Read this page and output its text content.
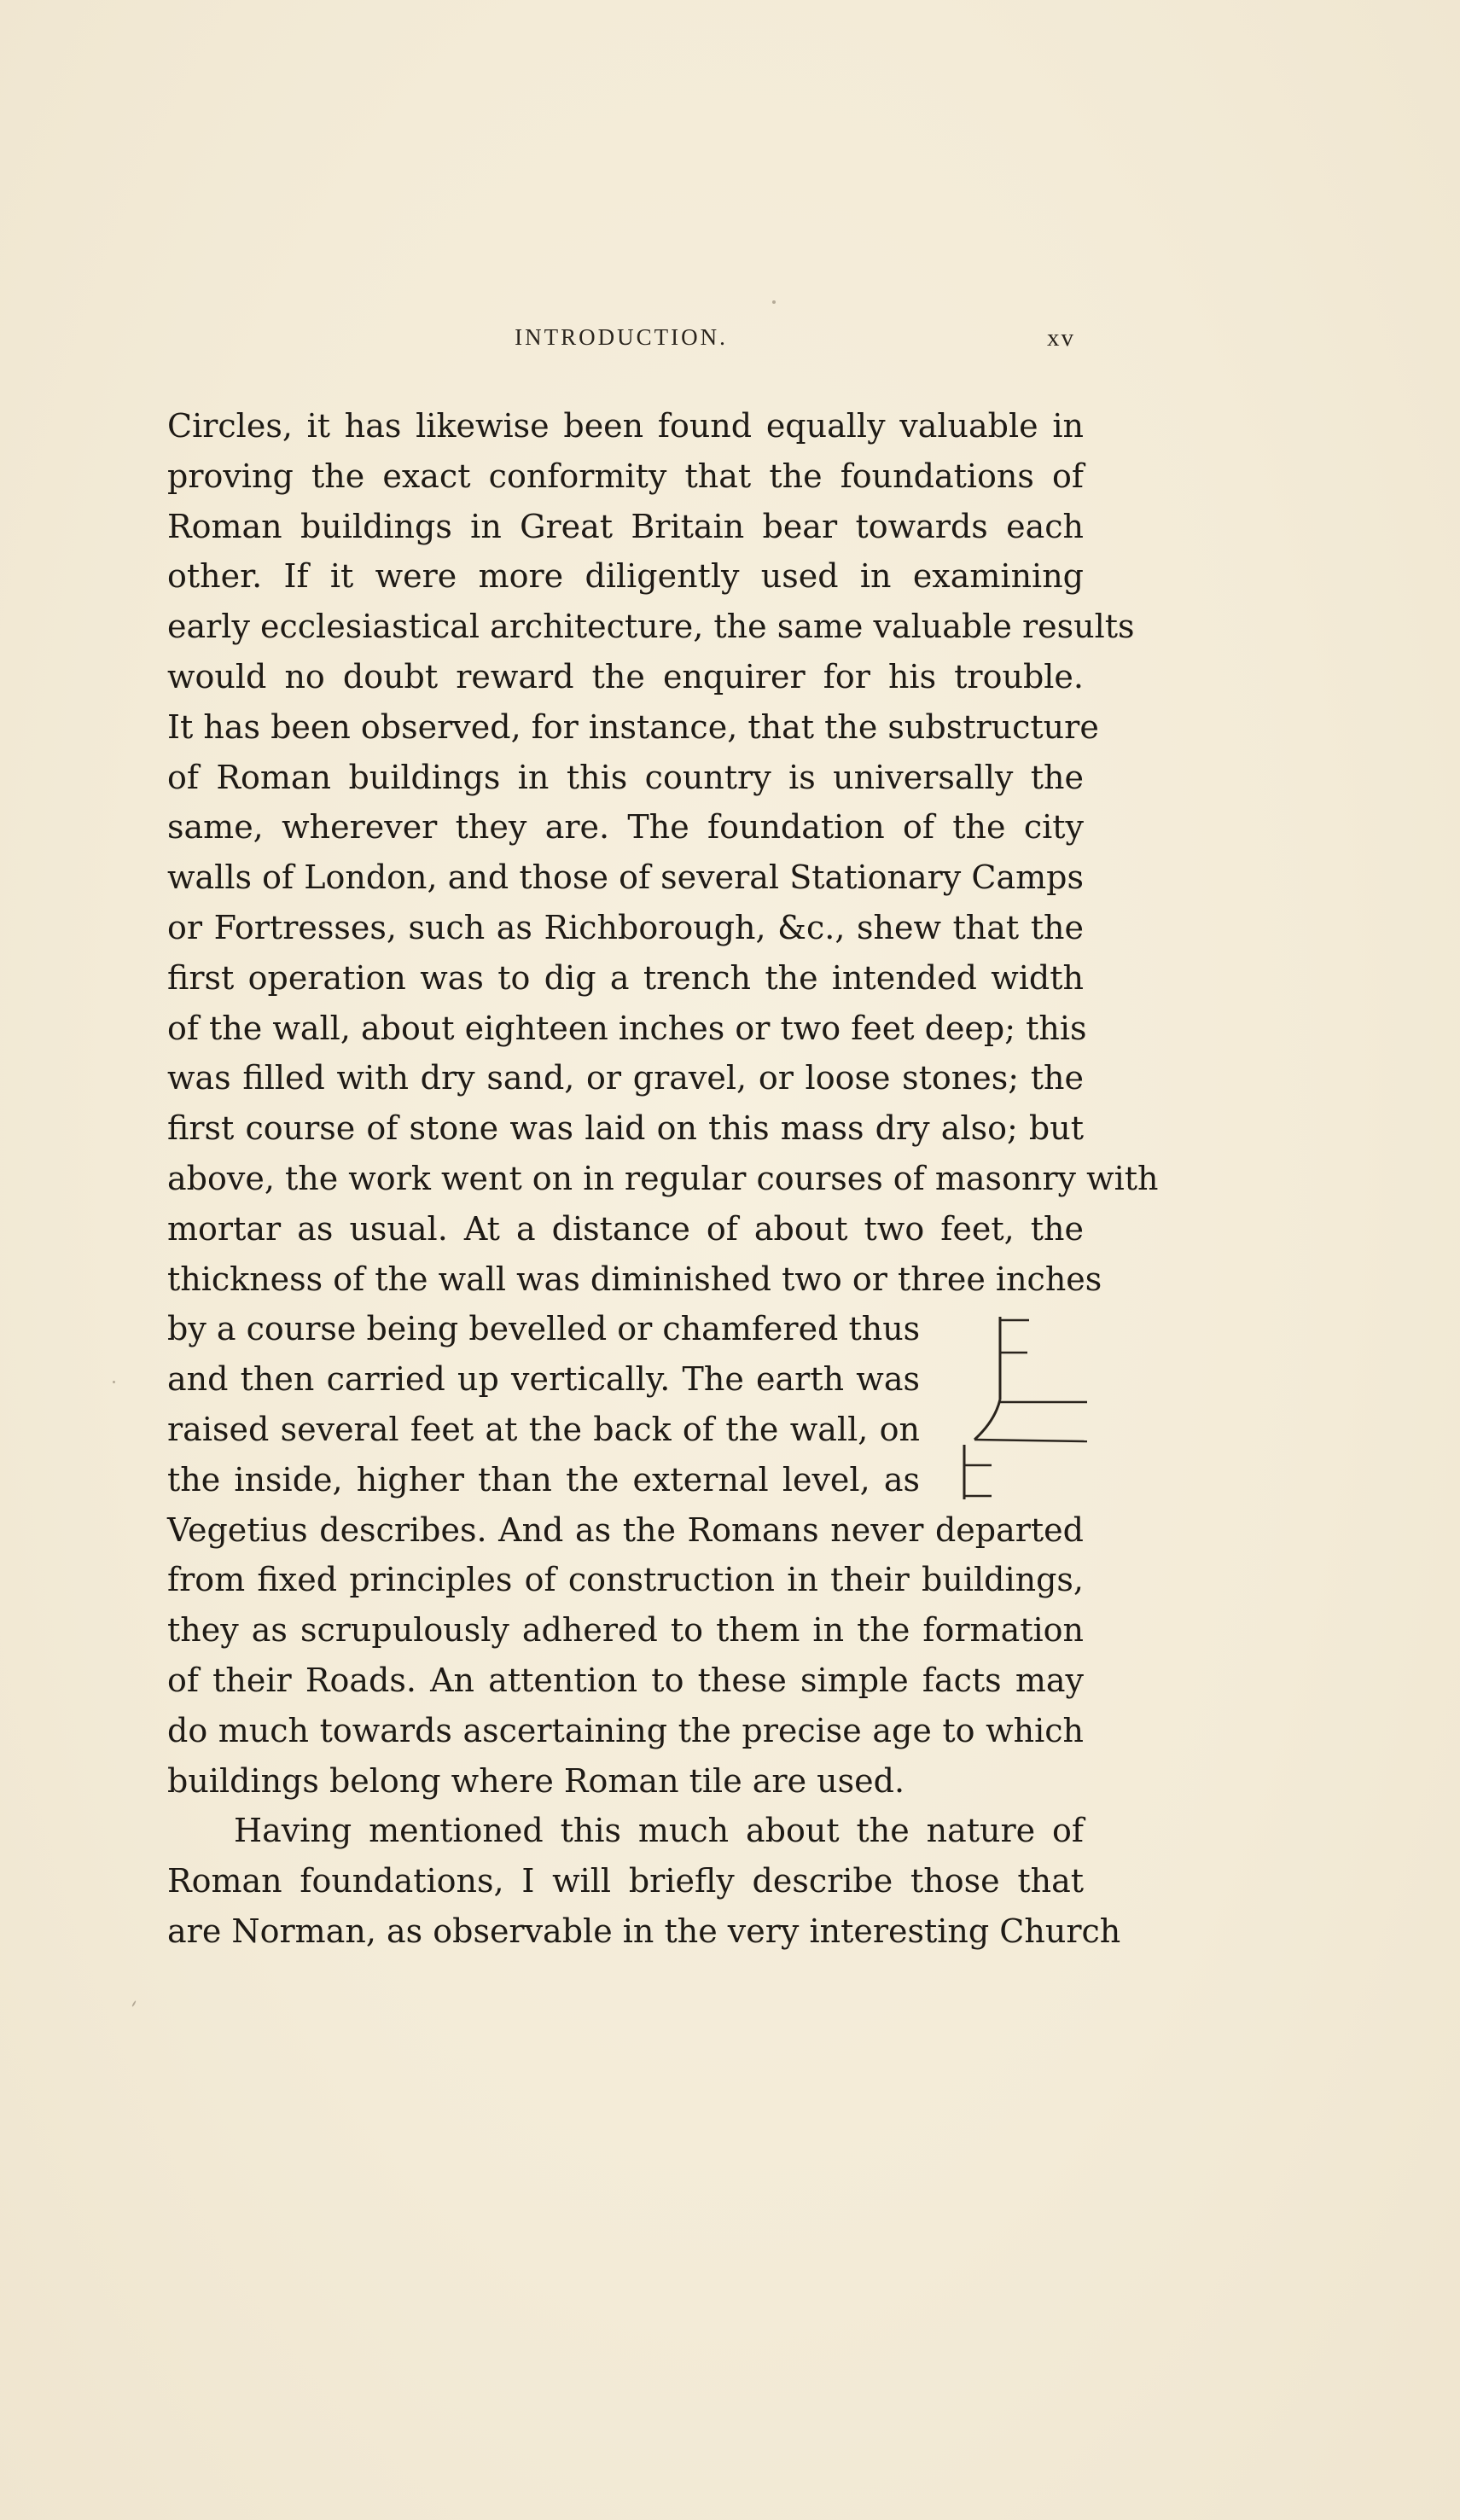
INTRODUCTION.	xv
Circles, it has likewise been found equally valuable in
proving the exact conformity that the foundations of
Roman buildings in Great Britain bear towards each
other. If it were more diligently used in examining
early ecclesiastical architecture, the same valuable results
would no doubt reward the enquirer for his trouble.
It has been observed, for instance, that the substructure
of Roman buildings in this country is universally the
same, wherever they are. The foundation of the city
walls of London, and those of several Stationary Camps
or Fortresses, such as Richborough, &c., shew that the
first operation was to dig a trench the intended width
of the wall, about eighteen inches or two feet deep; this
was filled with dry sand, or gravel, or loose stones; the
first course of stone was laid on this mass dry also; but
above, the work went on in regular courses of masonry with
mortar as usual. At a distance of about two feet, the
thickness of the wall was diminished two or three inches
by a course being bevelled or chamfered thus
and then carried up vertically. The earth was
raised several feet at the back of the wall, on
the inside, higher than the external level, as
Vegetius describes. And as the Romans never departed
from fixed principles of construction in their buildings,
they as scrupulously adhered to them in the formation
of their Roads. An attention to these simple facts may
do much towards ascertaining the precise age to which
buildings belong where Roman tile are used.
Having mentioned this much about the nature of
Roman foundations, I will briefly describe those that
are Norman, as observable in the very interesting Church
